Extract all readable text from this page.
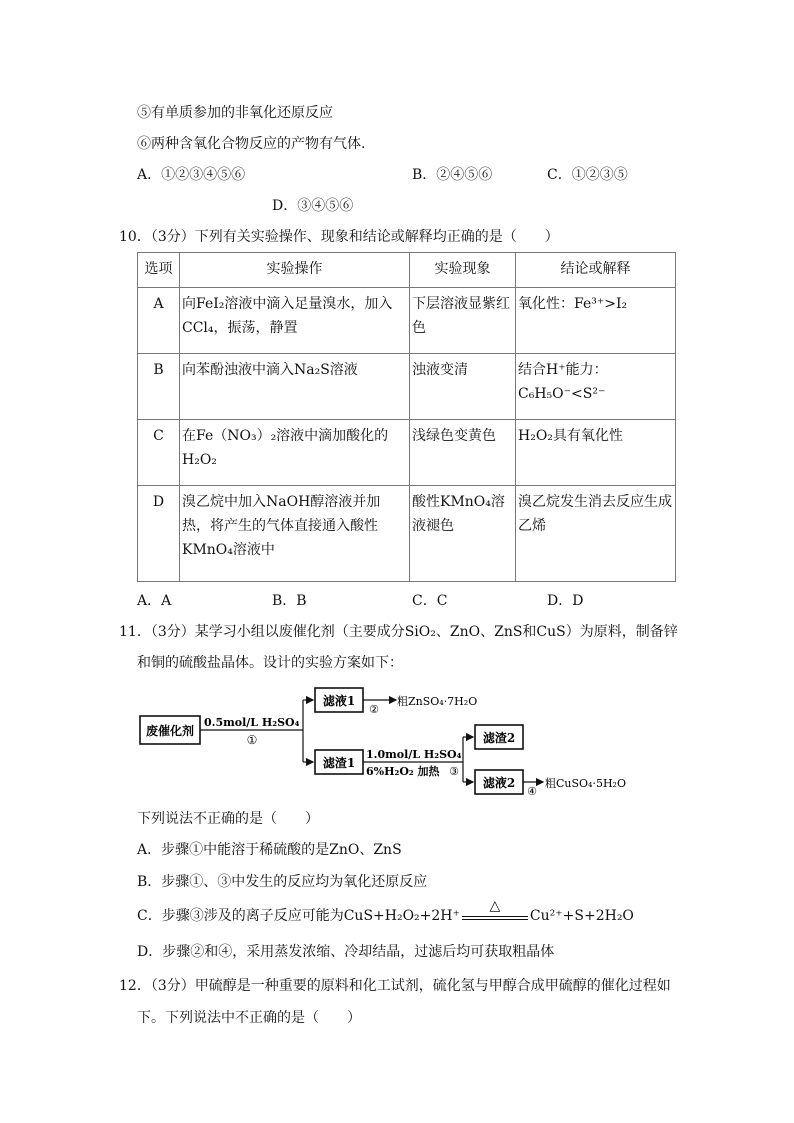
⑤有单质参加的非氧化还原反应
⑥两种含氧化合物反应的产物有气体.
A．①②③④⑤⑥	B．②④⑤⑥	C．①②③⑤
D．③④⑤⑥
10．（3分）下列有关实验操作、现象和结论或解释均正确的是（　　）
选项	实验操作	实验现象	结论或解释
A	向FeI₂溶液中滴入足量溴水，加入CCl₄，振荡，静置	下层溶液显紫红色	氧化性：Fe³⁺>I₂
B	向苯酚浊液中滴入Na₂S溶液	浊液变清	结合H⁺能力：C₆H₅O⁻<S²⁻
C	在Fe（NO₃）₂溶液中滴加酸化的H₂O₂	浅绿色变黄色	H₂O₂具有氧化性
D	溴乙烷中加入NaOH醇溶液并加热，将产生的气体直接通入酸性KMnO₄溶液中	酸性KMnO₄溶液褪色	溴乙烷发生消去反应生成乙烯
A．A	B．B	C．C	D．D
11．（3分）某学习小组以废催化剂（主要成分SiO₂、ZnO、ZnS和CuS）为原料，制备锌
和铜的硫酸盐晶体。设计的实验方案如下：
废催化剂
0.5mol/L H₂SO₄
①
滤液1
②
粗ZnSO₄·7H₂O
滤渣1
1.0mol/L H₂SO₄
6%H₂O₂ 加热 ③
滤渣2
滤液2
④
粗CuSO₄·5H₂O
下列说法不正确的是（　　）
A．步骤①中能溶于稀硫酸的是ZnO、ZnS
B．步骤①、③中发生的反应均为氧化还原反应
C．步骤③涉及的离子反应可能为CuS+H₂O₂+2H⁺
△
Cu²⁺+S+2H₂O
D．步骤②和④，采用蒸发浓缩、冷却结晶，过滤后均可获取粗晶体
12．（3分）甲硫醇是一种重要的原料和化工试剂，硫化氢与甲醇合成甲硫醇的催化过程如
下。下列说法中不正确的是（　　）
